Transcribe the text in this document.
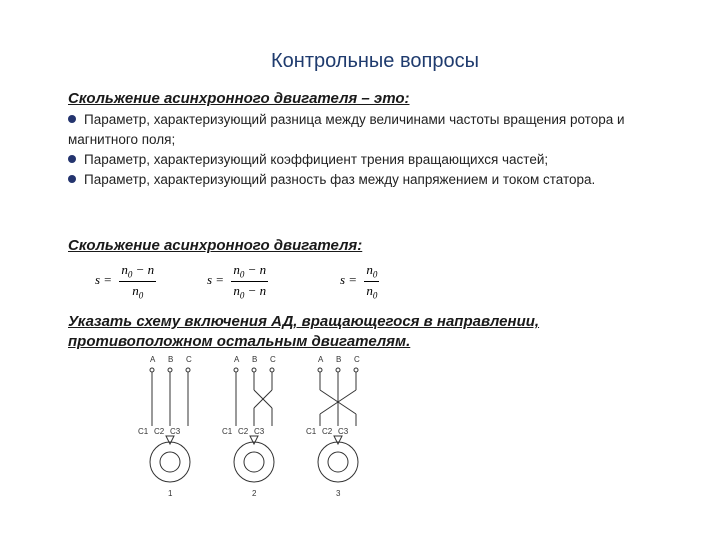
Контрольные вопросы
Скольжение асинхронного двигателя – это:

Параметр, характеризующий разница между величинами частоты вращения ротора и магнитного поля;

Параметр, характеризующий коэффициент трения вращающихся частей;

Параметр, характеризующий разность фаз между напряжением и током статора.

Скольжение асинхронного двигателя:
$s = \frac{n_0 - n}{n_0}$	$s = \frac{n_0 - n}{n_0 - n}$	$s = \frac{n_0}{n_0}$
Указать схему включения АД, вращающегося в направлении,
противоположном остальным двигателям.
А В С
С1 С2 С3
1
А В С
С1 С2 С3
2
А В С
С1 С2 С3
3
